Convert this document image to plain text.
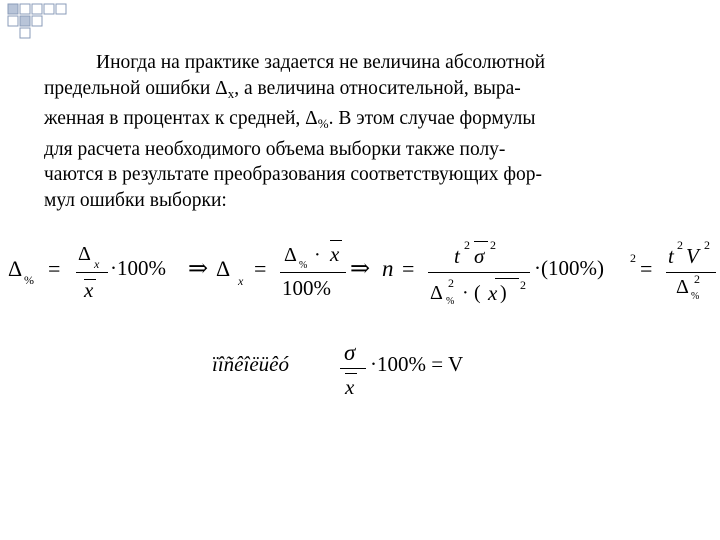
Иногда на практике задается не величина абсолютной
предельной ошибки $\Delta_x$, а величина относительной, выра-
женная в процентах к средней, $\Delta_{\%}$. В этом случае формулы
для расчета необходимого объема выборки также полу-
чаются в результате преобразования соответствующих фор-
мул ошибки выборки:
Δ % =
Δ x
x
·100% ⇒ Δ x =
Δ % · x
100%
⇒ n = t 2 σ 2
Δ %
2 · ( x ) 2
·(100%) 2 = t 2 V 2
Δ %
2
ïîñêîëüêó σ
x
·100% = V
